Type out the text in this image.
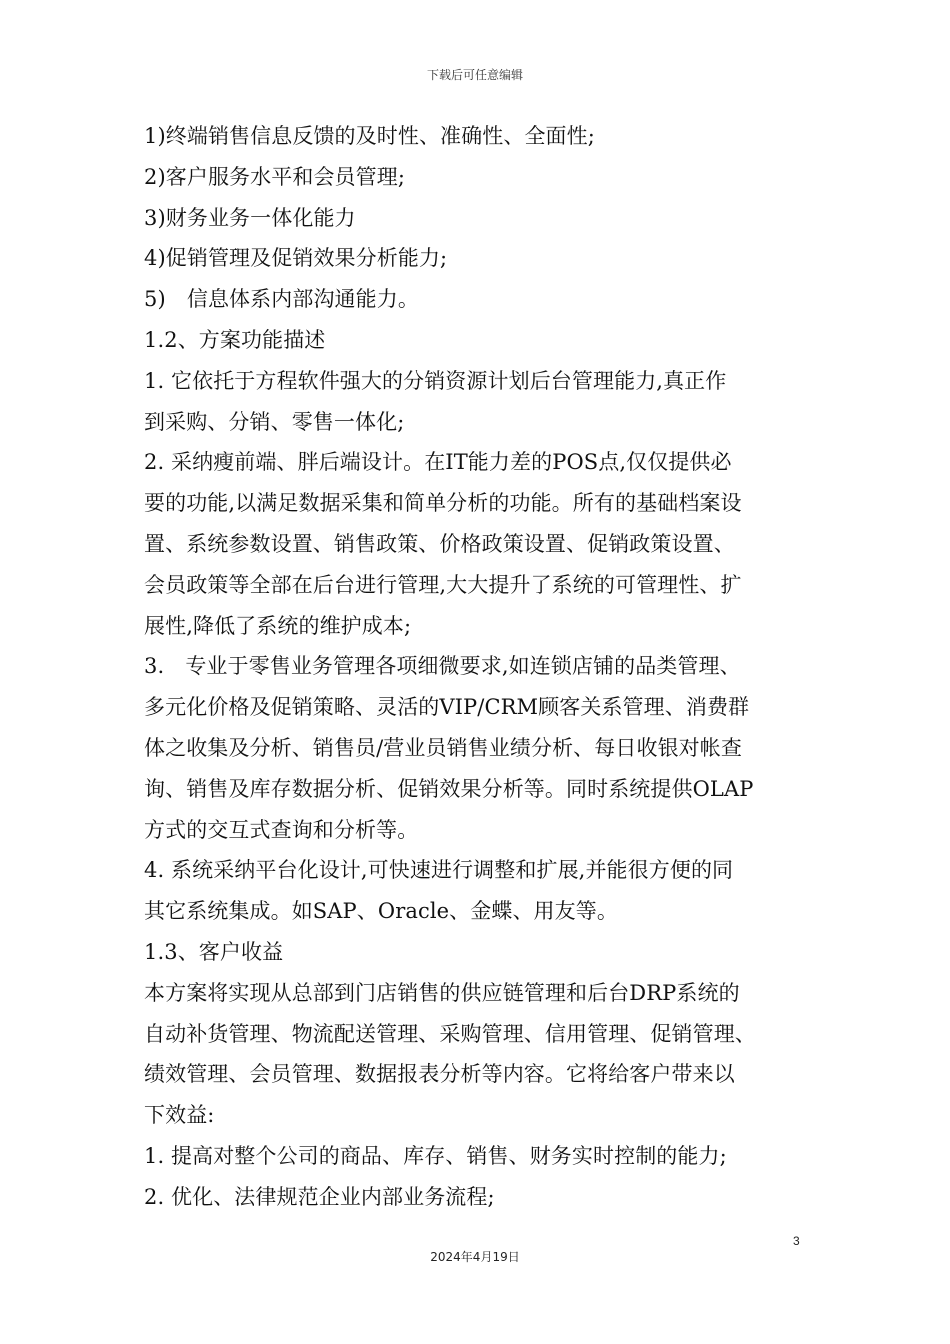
下载后可任意编辑
1)终端销售信息反馈的及时性、准确性、全面性;
2)客户服务水平和会员管理;
3)财务业务一体化能力
4)促销管理及促销效果分析能力;
5)　信息体系内部沟通能力。
1.2、方案功能描述
1. 它依托于方程软件强大的分销资源计划后台管理能力,真正作
到采购、分销、零售一体化;
2. 采纳瘦前端、胖后端设计。在IT能力差的POS点,仅仅提供必
要的功能,以满足数据采集和简单分析的功能。所有的基础档案设
置、系统参数设置、销售政策、价格政策设置、促销政策设置、
会员政策等全部在后台进行管理,大大提升了系统的可管理性、扩
展性,降低了系统的维护成本;
3.　专业于零售业务管理各项细微要求,如连锁店铺的品类管理、
多元化价格及促销策略、灵活的VIP/CRM顾客关系管理、消费群
体之收集及分析、销售员/营业员销售业绩分析、每日收银对帐查
询、销售及库存数据分析、促销效果分析等。同时系统提供OLAP
方式的交互式查询和分析等。
4. 系统采纳平台化设计,可快速进行调整和扩展,并能很方便的同
其它系统集成。如SAP、Oracle、金蝶、用友等。
1.3、客户收益
本方案将实现从总部到门店销售的供应链管理和后台DRP系统的
自动补货管理、物流配送管理、采购管理、信用管理、促销管理、
绩效管理、会员管理、数据报表分析等内容。它将给客户带来以
下效益:
1. 提高对整个公司的商品、库存、销售、财务实时控制的能力;
2. 优化、法律规范企业内部业务流程;
3
2024年4月19日
